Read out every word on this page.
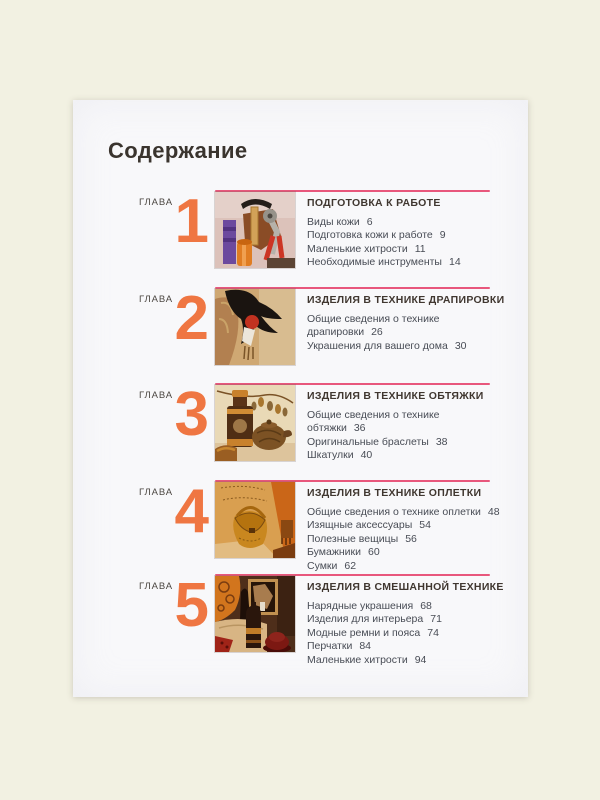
Содержание
ГЛАВА 1	ПОДГОТОВКА К РАБОТЕ
Виды кожи 6
Подготовка кожи к работе 9
Маленькие хитрости 11
Необходимые инструменты 14
ГЛАВА 2	ИЗДЕЛИЯ В ТЕХНИКЕ ДРАПИРОВКИ
Общие сведения о технике
драпировки 26
Украшения для вашего дома 30
ГЛАВА 3	ИЗДЕЛИЯ В ТЕХНИКЕ ОБТЯЖКИ
Общие сведения о технике
обтяжки 36
Оригинальные браслеты 38
Шкатулки 40
ГЛАВА 4	ИЗДЕЛИЯ В ТЕХНИКЕ ОПЛЕТКИ
Общие сведения о технике оплетки 48
Изящные аксессуары 54
Полезные вещицы 56
Бумажники 60
Сумки 62
ГЛАВА 5	ИЗДЕЛИЯ В СМЕШАННОЙ ТЕХНИКЕ
Нарядные украшения 68
Изделия для интерьера 71
Модные ремни и пояса 74
Перчатки 84
Маленькие хитрости 94
